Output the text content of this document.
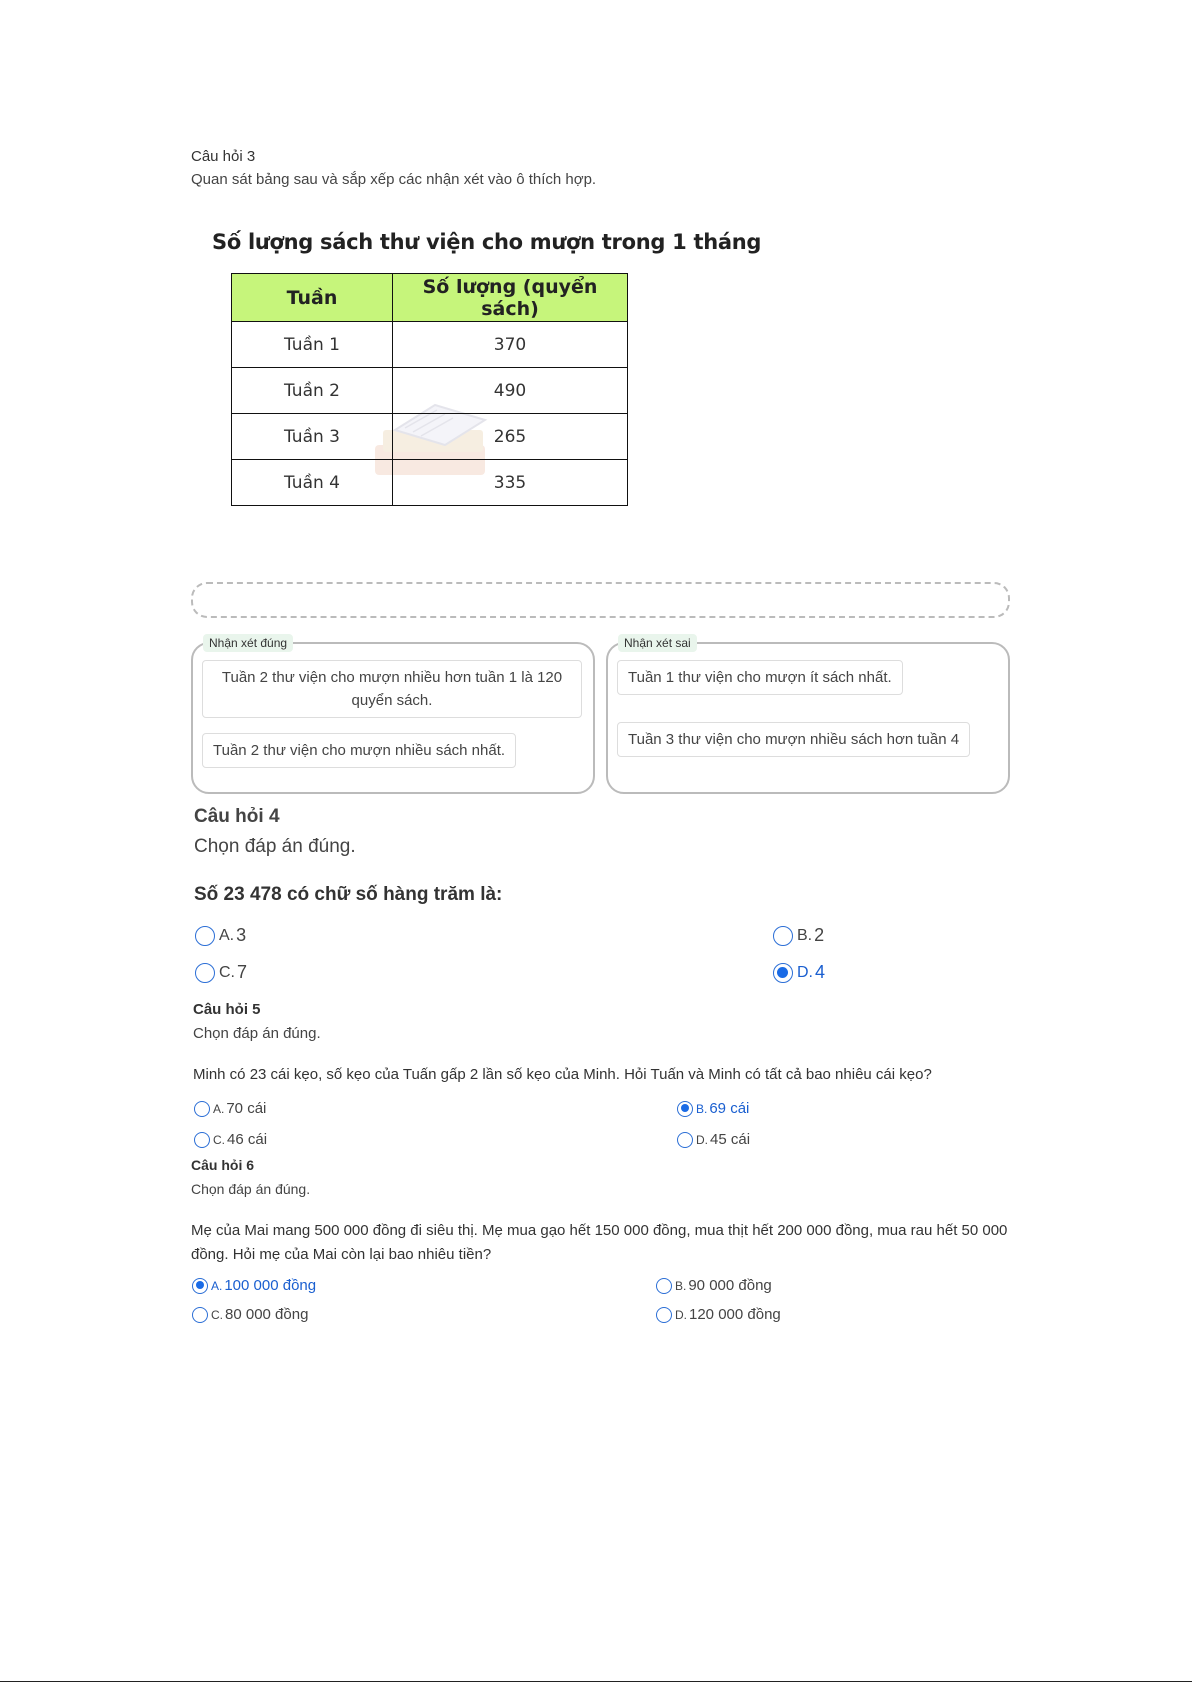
Câu hỏi 3
Quan sát bảng sau và sắp xếp các nhận xét vào ô thích hợp.
Số lượng sách thư viện cho mượn trong 1 tháng
Tuần	Số lượng (quyển sách)
Tuần 1	370
Tuần 2	490
Tuần 3	265
Tuần 4	335
Nhận xét đúng
Tuần 2 thư viện cho mượn nhiều hơn tuần 1 là 120 quyển sách.
Tuần 2 thư viện cho mượn nhiều sách nhất.
Nhận xét sai
Tuần 1 thư viện cho mượn ít sách nhất.
Tuần 3 thư viện cho mượn nhiều sách hơn tuần 4
Câu hỏi 4
Chọn đáp án đúng.
Số 23 478 có chữ số hàng trăm là:
A. 3	B. 2
C. 7	D. 4
Câu hỏi 5
Chọn đáp án đúng.
Minh có 23 cái kẹo, số kẹo của Tuấn gấp 2 lần số kẹo của Minh. Hỏi Tuấn và Minh có tất cả bao nhiêu cái kẹo?
A. 70 cái	B. 69 cái
C. 46 cái	D. 45 cái
Câu hỏi 6
Chọn đáp án đúng.
Mẹ của Mai mang 500 000 đồng đi siêu thị. Mẹ mua gạo hết 150 000 đồng, mua thịt hết 200 000 đồng, mua rau hết 50 000 đồng. Hỏi mẹ của Mai còn lại bao nhiêu tiền?
A. 100 000 đồng	B. 90 000 đồng
C. 80 000 đồng	D. 120 000 đồng
